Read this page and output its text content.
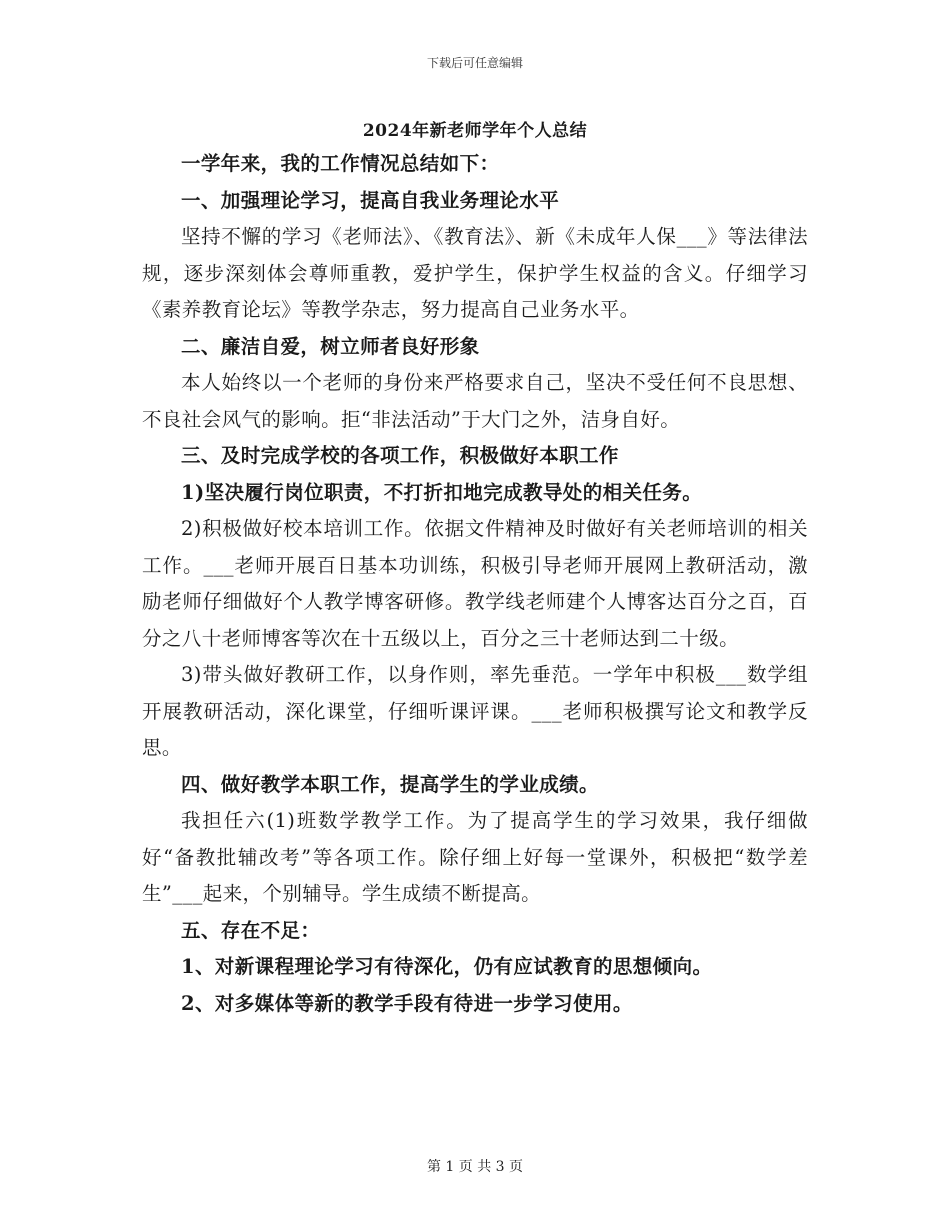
下载后可任意编辑
2024年新老师学年个人总结

一学年来，我的工作情况总结如下：

一、加强理论学习，提高自我业务理论水平

坚持不懈的学习《老师法》、《教育法》、新《未成年人保___》等法律法规，逐步深刻体会尊师重教，爱护学生，保护学生权益的含义。仔细学习《素养教育论坛》等教学杂志，努力提高自己业务水平。

二、廉洁自爱，树立师者良好形象

本人始终以一个老师的身份来严格要求自己，坚决不受任何不良思想、不良社会风气的影响。拒“非法活动”于大门之外，洁身自好。

三、及时完成学校的各项工作，积极做好本职工作

1)坚决履行岗位职责，不打折扣地完成教导处的相关任务。

2)积极做好校本培训工作。依据文件精神及时做好有关老师培训的相关工作。___老师开展百日基本功训练，积极引导老师开展网上教研活动，激励老师仔细做好个人教学博客研修。教学线老师建个人博客达百分之百，百分之八十老师博客等次在十五级以上，百分之三十老师达到二十级。

3)带头做好教研工作，以身作则，率先垂范。一学年中积极___数学组开展教研活动，深化课堂，仔细听课评课。___老师积极撰写论文和教学反思。

四、做好教学本职工作，提高学生的学业成绩。

我担任六(1)班数学教学工作。为了提高学生的学习效果，我仔细做好“备教批辅改考”等各项工作。除仔细上好每一堂课外，积极把“数学差生”___起来，个别辅导。学生成绩不断提高。

五、存在不足：

1、对新课程理论学习有待深化，仍有应试教育的思想倾向。

2、对多媒体等新的教学手段有待进一步学习使用。

第 1 页 共 3 页
